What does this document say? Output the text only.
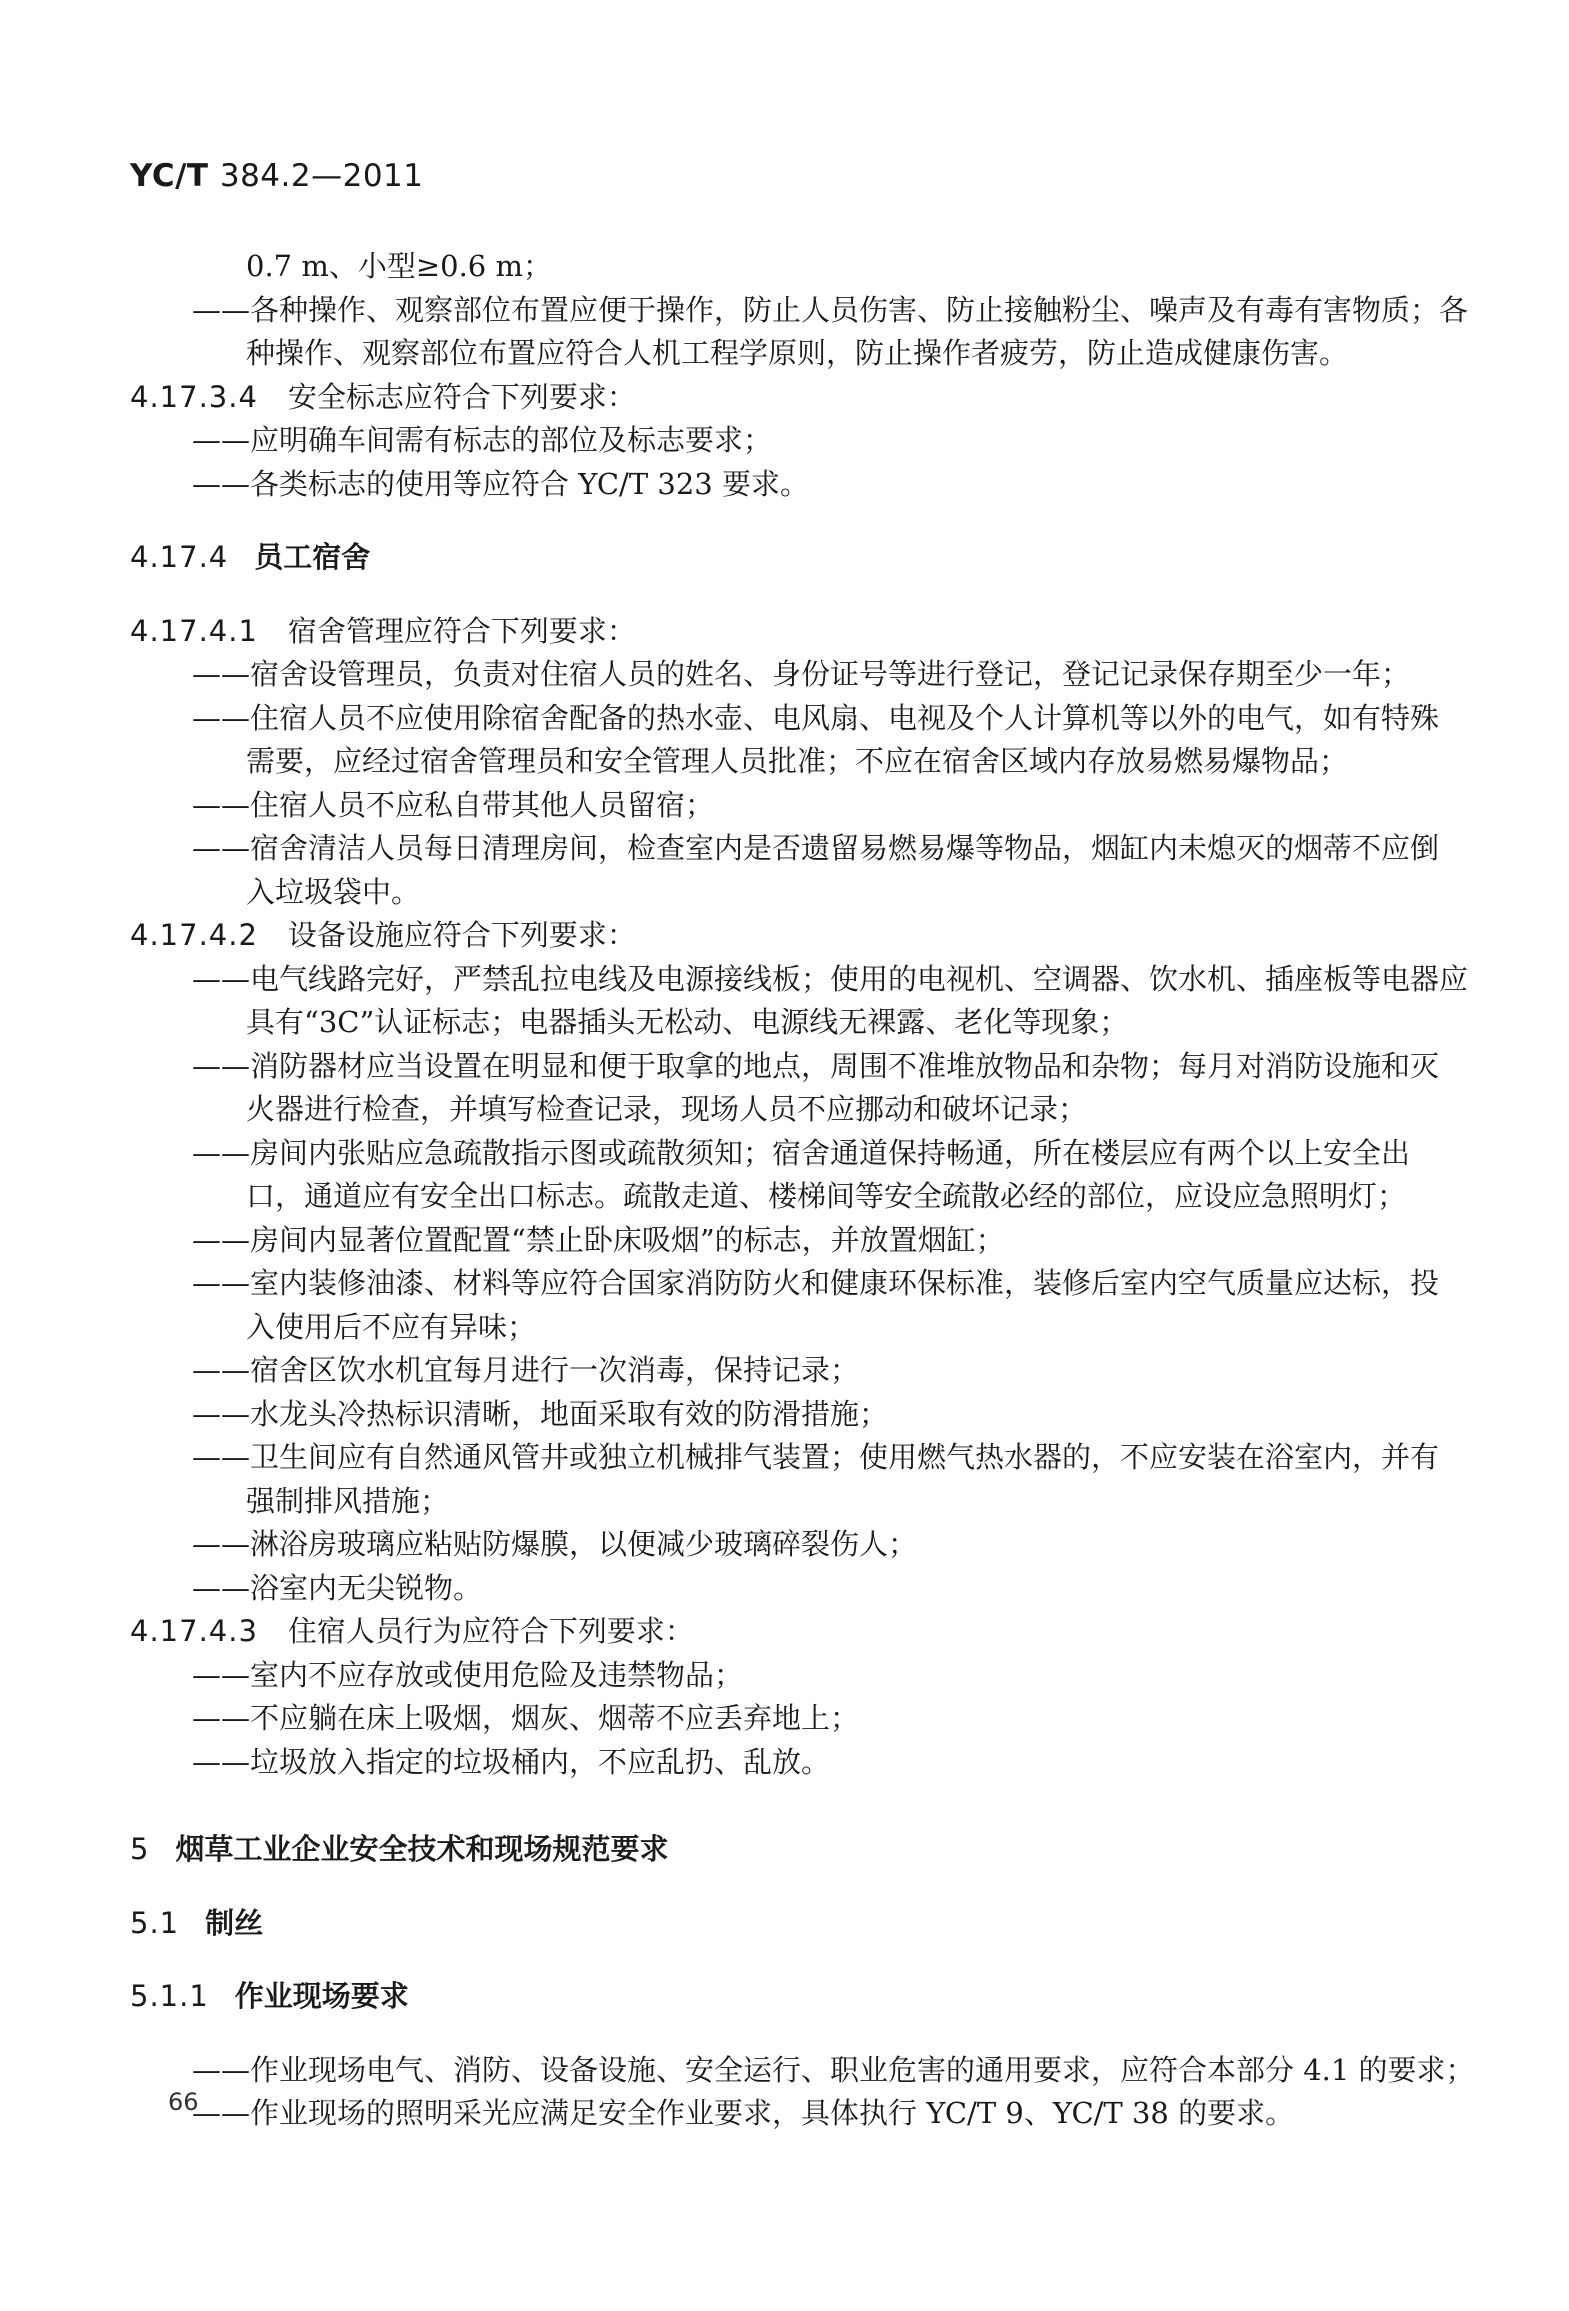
YC/T 384.2—2011
0.7 m、小型≥0.6 m；
——各种操作、观察部位布置应便于操作，防止人员伤害、防止接触粉尘、噪声及有毒有害物质；各
种操作、观察部位布置应符合人机工程学原则，防止操作者疲劳，防止造成健康伤害。
4.17.3.4 安全标志应符合下列要求：
——应明确车间需有标志的部位及标志要求；
——各类标志的使用等应符合 YC/T 323 要求。
4.17.4 员工宿舍
4.17.4.1 宿舍管理应符合下列要求：
——宿舍设管理员，负责对住宿人员的姓名、身份证号等进行登记，登记记录保存期至少一年；
——住宿人员不应使用除宿舍配备的热水壶、电风扇、电视及个人计算机等以外的电气，如有特殊
需要，应经过宿舍管理员和安全管理人员批准；不应在宿舍区域内存放易燃易爆物品；
——住宿人员不应私自带其他人员留宿；
——宿舍清洁人员每日清理房间，检查室内是否遗留易燃易爆等物品，烟缸内未熄灭的烟蒂不应倒
入垃圾袋中。
4.17.4.2 设备设施应符合下列要求：
——电气线路完好，严禁乱拉电线及电源接线板；使用的电视机、空调器、饮水机、插座板等电器应
具有“3C”认证标志；电器插头无松动、电源线无裸露、老化等现象；
——消防器材应当设置在明显和便于取拿的地点，周围不准堆放物品和杂物；每月对消防设施和灭
火器进行检查，并填写检查记录，现场人员不应挪动和破坏记录；
——房间内张贴应急疏散指示图或疏散须知；宿舍通道保持畅通，所在楼层应有两个以上安全出
口，通道应有安全出口标志。疏散走道、楼梯间等安全疏散必经的部位，应设应急照明灯；
——房间内显著位置配置“禁止卧床吸烟”的标志，并放置烟缸；
——室内装修油漆、材料等应符合国家消防防火和健康环保标准，装修后室内空气质量应达标，投
入使用后不应有异味；
——宿舍区饮水机宜每月进行一次消毒，保持记录；
——水龙头冷热标识清晰，地面采取有效的防滑措施；
——卫生间应有自然通风管井或独立机械排气装置；使用燃气热水器的，不应安装在浴室内，并有
强制排风措施；
——淋浴房玻璃应粘贴防爆膜，以便减少玻璃碎裂伤人；
——浴室内无尖锐物。
4.17.4.3 住宿人员行为应符合下列要求：
——室内不应存放或使用危险及违禁物品；
——不应躺在床上吸烟，烟灰、烟蒂不应丢弃地上；
——垃圾放入指定的垃圾桶内，不应乱扔、乱放。
5 烟草工业企业安全技术和现场规范要求
5.1 制丝
5.1.1 作业现场要求
——作业现场电气、消防、设备设施、安全运行、职业危害的通用要求，应符合本部分 4.1 的要求；
——作业现场的照明采光应满足安全作业要求，具体执行 YC/T 9、YC/T 38 的要求。
66
